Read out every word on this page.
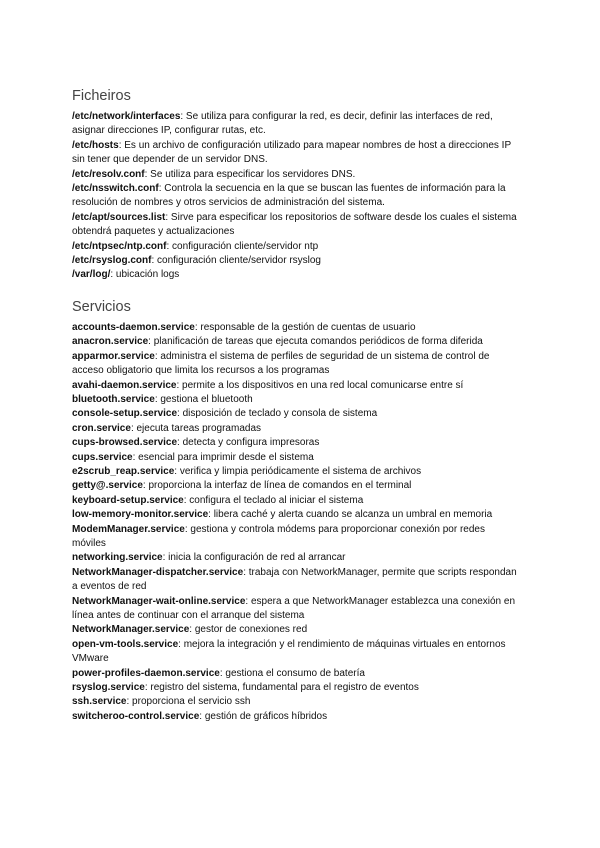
Ficheiros

/etc/network/interfaces: Se utiliza para configurar la red, es decir, definir las interfaces de red, asignar direcciones IP, configurar rutas, etc.

/etc/hosts: Es un archivo de configuración utilizado para mapear nombres de host a direcciones IP sin tener que depender de un servidor DNS.

/etc/resolv.conf: Se utiliza para especificar los servidores DNS.

/etc/nsswitch.conf: Controla la secuencia en la que se buscan las fuentes de información para la resolución de nombres y otros servicios de administración del sistema.

/etc/apt/sources.list: Sirve para especificar los repositorios de software desde los cuales el sistema obtendrá paquetes y actualizaciones

/etc/ntpsec/ntp.conf: configuración cliente/servidor ntp

/etc/rsyslog.conf: configuración cliente/servidor rsyslog

/var/log/: ubicación logs

Servicios

accounts-daemon.service: responsable de la gestión de cuentas de usuario

anacron.service: planificación de tareas que ejecuta comandos periódicos de forma diferida

apparmor.service: administra el sistema de perfiles de seguridad de un sistema de control de acceso obligatorio que limita los recursos a los programas

avahi-daemon.service: permite a los dispositivos en una red local comunicarse entre sí

bluetooth.service: gestiona el bluetooth

console-setup.service: disposición de teclado y consola de sistema

cron.service: ejecuta tareas programadas

cups-browsed.service: detecta y configura impresoras

cups.service: esencial para imprimir desde el sistema

e2scrub_reap.service: verifica y limpia periódicamente el sistema de archivos

getty@.service: proporciona la interfaz de línea de comandos en el terminal

keyboard-setup.service: configura el teclado al iniciar el sistema

low-memory-monitor.service: libera caché y alerta cuando se alcanza un umbral en memoria

ModemManager.service: gestiona y controla módems para proporcionar conexión por redes móviles

networking.service: inicia la configuración de red al arrancar

NetworkManager-dispatcher.service: trabaja con NetworkManager, permite que scripts respondan a eventos de red

NetworkManager-wait-online.service: espera a que NetworkManager establezca una conexión en línea antes de continuar con el arranque del sistema

NetworkManager.service: gestor de conexiones red

open-vm-tools.service: mejora la integración y el rendimiento de máquinas virtuales en entornos VMware

power-profiles-daemon.service: gestiona el consumo de batería

rsyslog.service: registro del sistema, fundamental para el registro de eventos

ssh.service: proporciona el servicio ssh

switcheroo-control.service: gestión de gráficos híbridos
